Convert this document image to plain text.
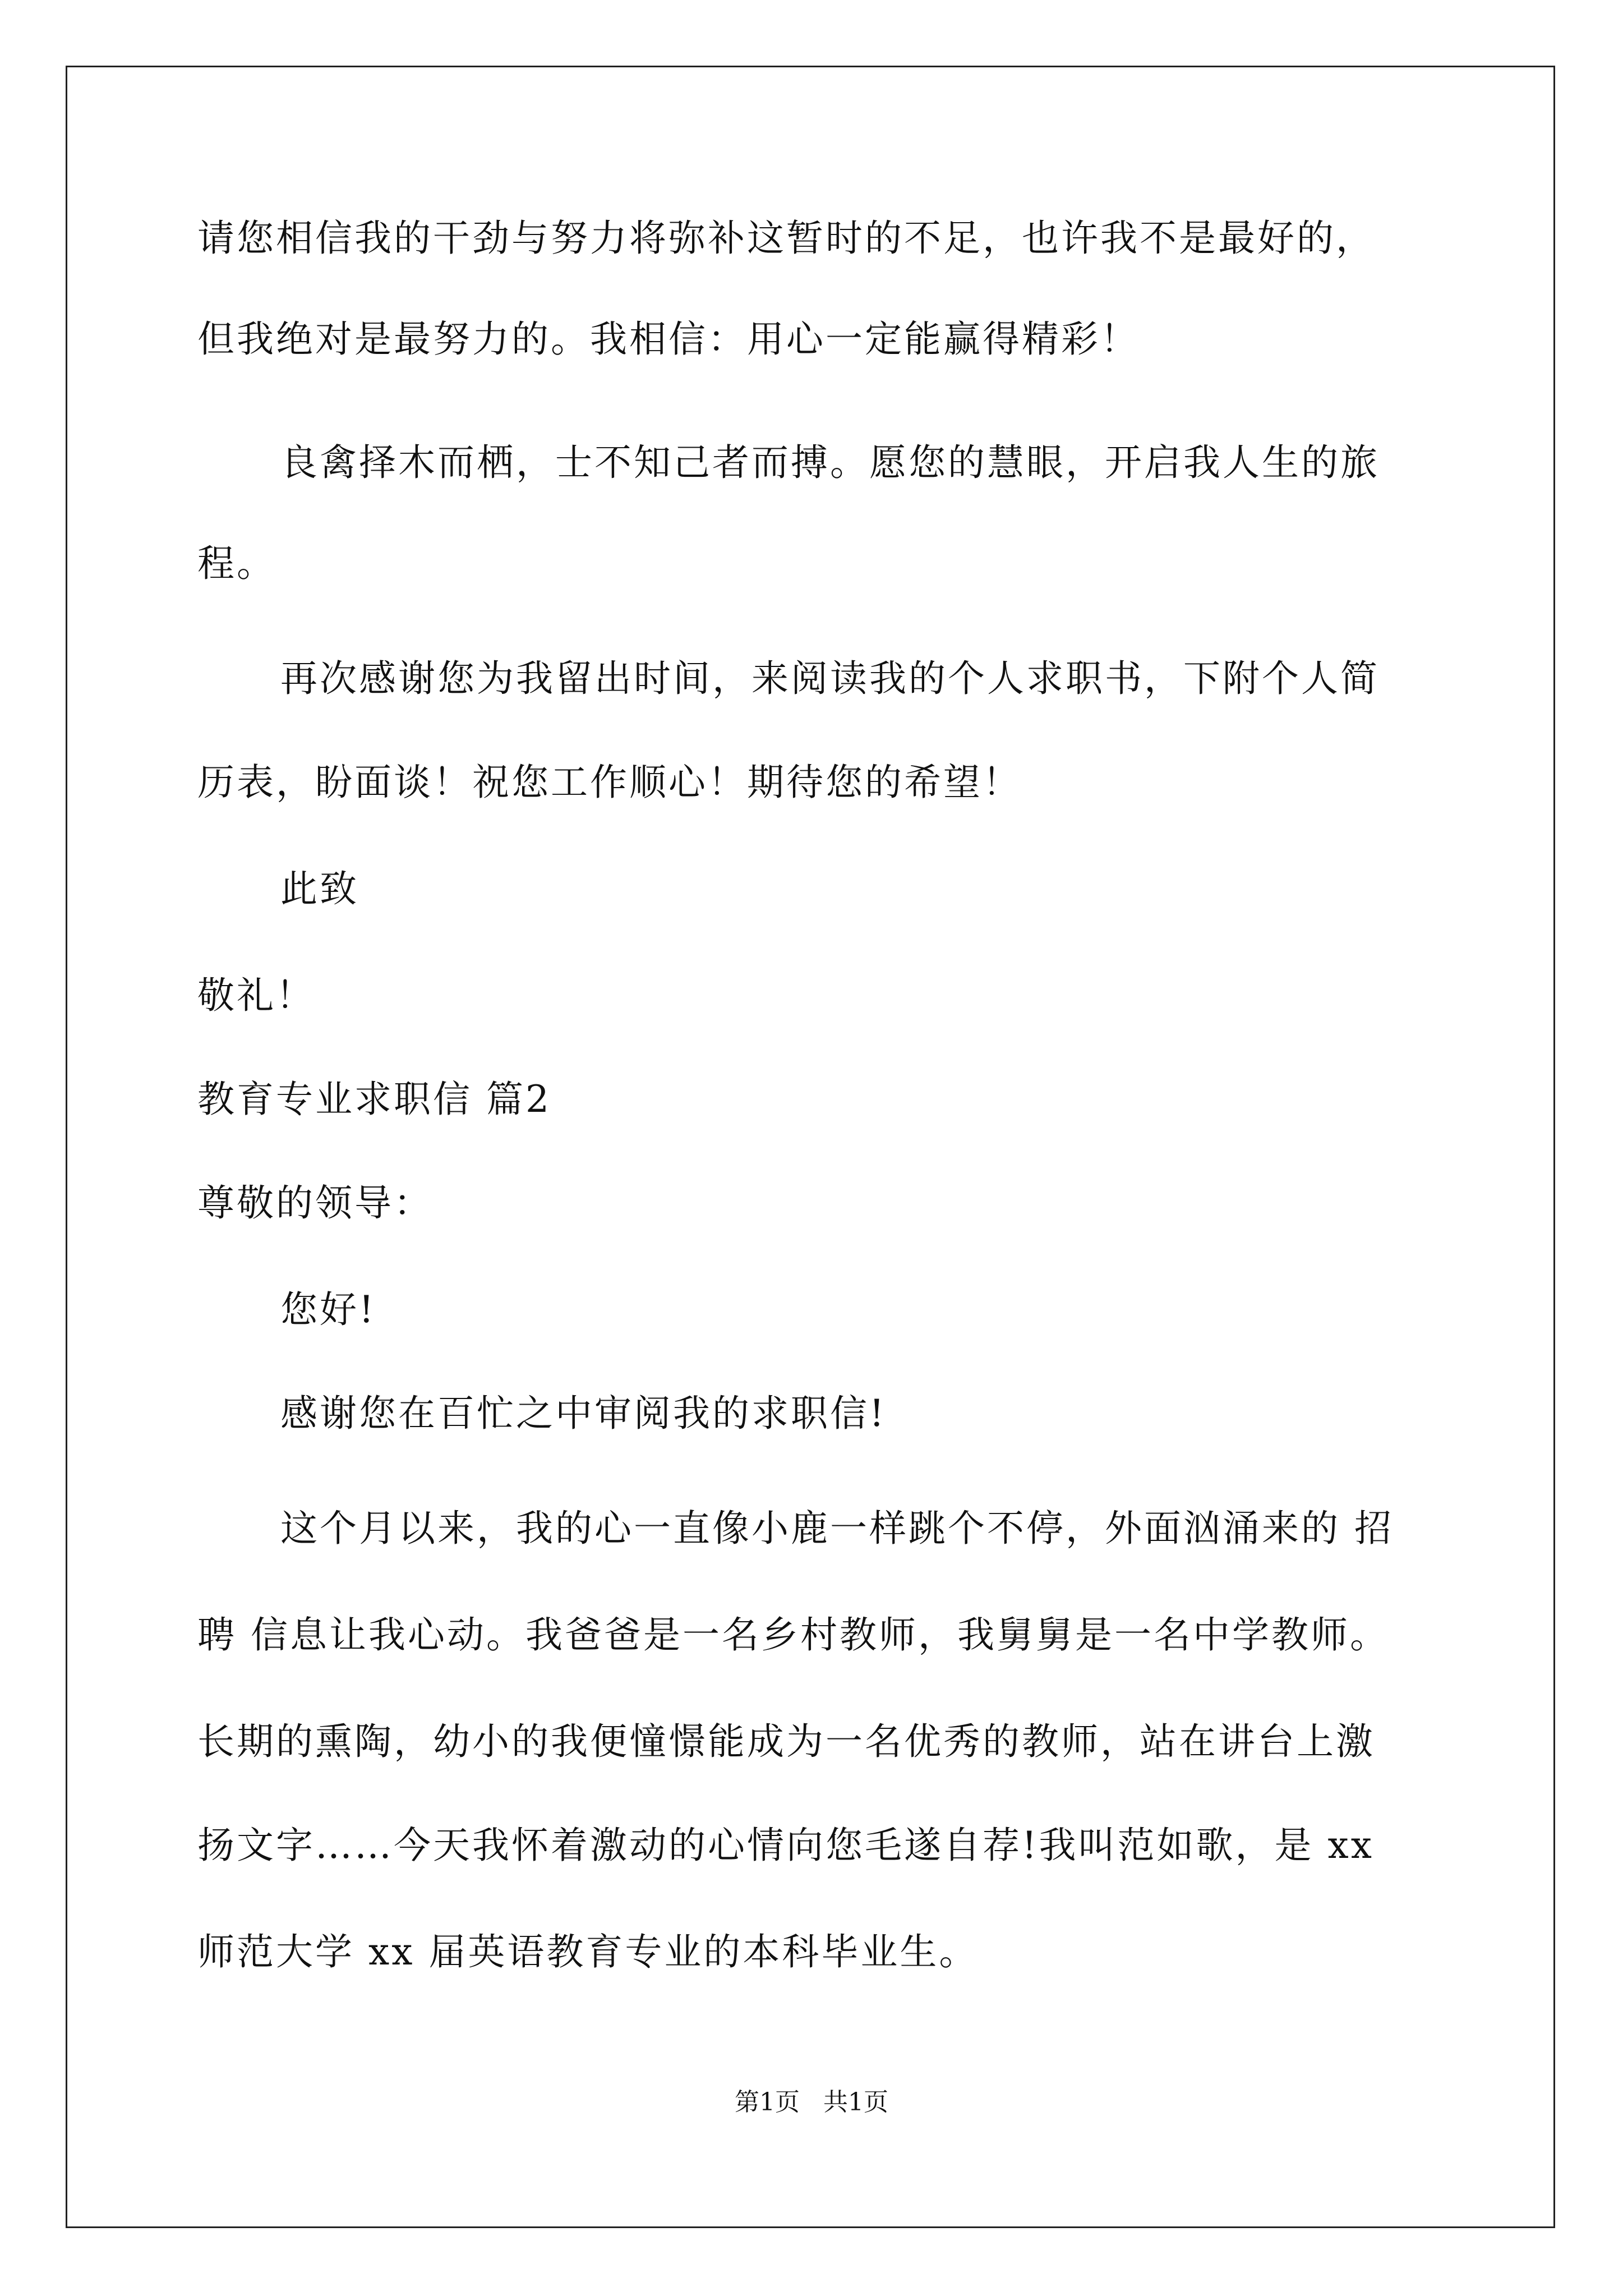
请您相信我的干劲与努力将弥补这暂时的不足，也许我不是最好的，
但我绝对是最努力的。我相信：用心一定能赢得精彩！
良禽择木而栖，士不知己者而搏。愿您的慧眼，开启我人生的旅
程。
再次感谢您为我留出时间，来阅读我的个人求职书，下附个人简
历表，盼面谈！祝您工作顺心！期待您的希望！
此致
敬礼！
教育专业求职信 篇2
尊敬的领导：
您好!
感谢您在百忙之中审阅我的求职信!
这个月以来，我的心一直像小鹿一样跳个不停，外面汹涌来的 招
聘 信息让我心动。我爸爸是一名乡村教师，我舅舅是一名中学教师。
长期的熏陶，幼小的我便憧憬能成为一名优秀的教师，站在讲台上激
扬文字……今天我怀着激动的心情向您毛遂自荐!我叫范如歌，是 xx
师范大学 xx 届英语教育专业的本科毕业生。
第1页   共1页
